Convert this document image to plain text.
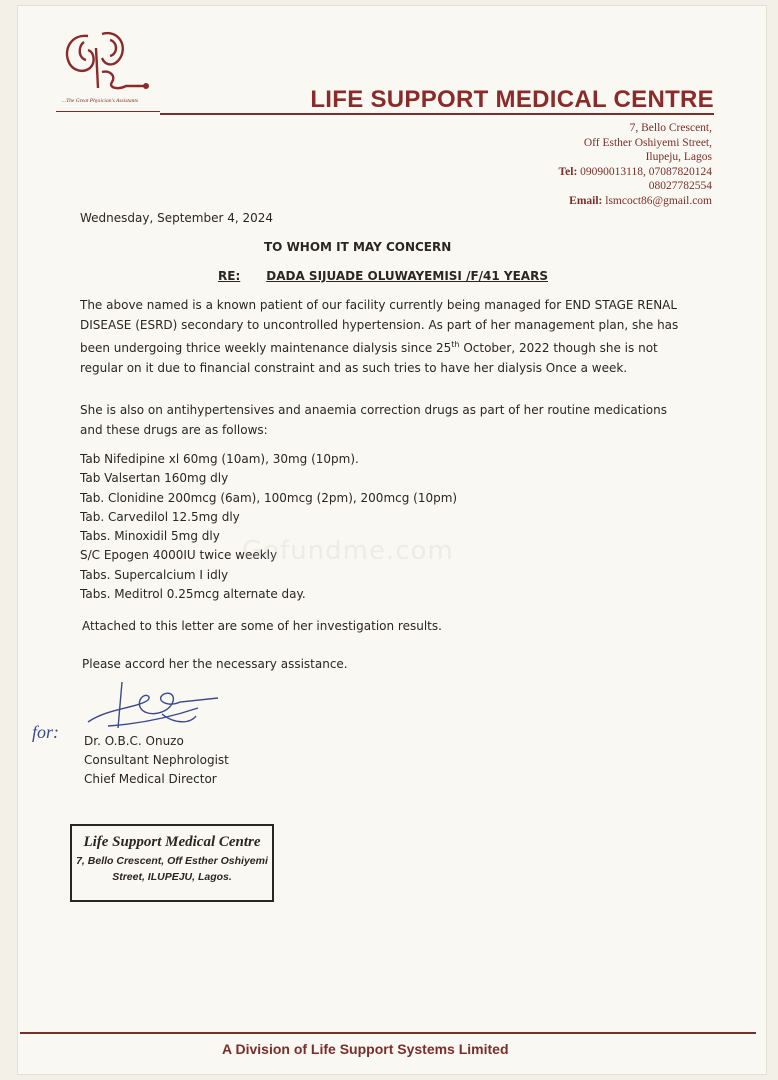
...The Great Physician's Assistants	LIFE SUPPORT MEDICAL CENTRE
7, Bello Crescent,
Off Esther Oshiyemi Street,
Ilupeju, Lagos
Tel: 09090013118, 07087820124
08027782554
Email: lsmcoct86@gmail.com
Wednesday, September 4, 2024
TO WHOM IT MAY CONCERN
RE: DADA SIJUADE OLUWAYEMISI /F/41 YEARS
The above named is a known patient of our facility currently being managed for END STAGE RENAL DISEASE (ESRD) secondary to uncontrolled hypertension. As part of her management plan, she has been undergoing thrice weekly maintenance dialysis since 25th October, 2022 though she is not regular on it due to financial constraint and as such tries to have her dialysis Once a week.
She is also on antihypertensives and anaemia correction drugs as part of her routine medications and these drugs are as follows:
Tab Nifedipine xl 60mg (10am), 30mg (10pm).
Tab Valsertan 160mg dly
Tab. Clonidine 200mcg (6am), 100mcg (2pm), 200mcg (10pm)
Tab. Carvedilol 12.5mg dly
Tabs. Minoxidil 5mg dly
S/C Epogen 4000IU twice weekly
Tabs. Supercalcium I idly
Tabs. Meditrol 0.25mcg alternate day.
Gofundme.com
Attached to this letter are some of her investigation results.
Please accord her the necessary assistance.
for: Dr. O.B.C. Onuzo
Consultant Nephrologist
Chief Medical Director
Life Support Medical Centre
7, Bello Crescent, Off Esther Oshiyemi
Street, ILUPEJU, Lagos.
A Division of Life Support Systems Limited
